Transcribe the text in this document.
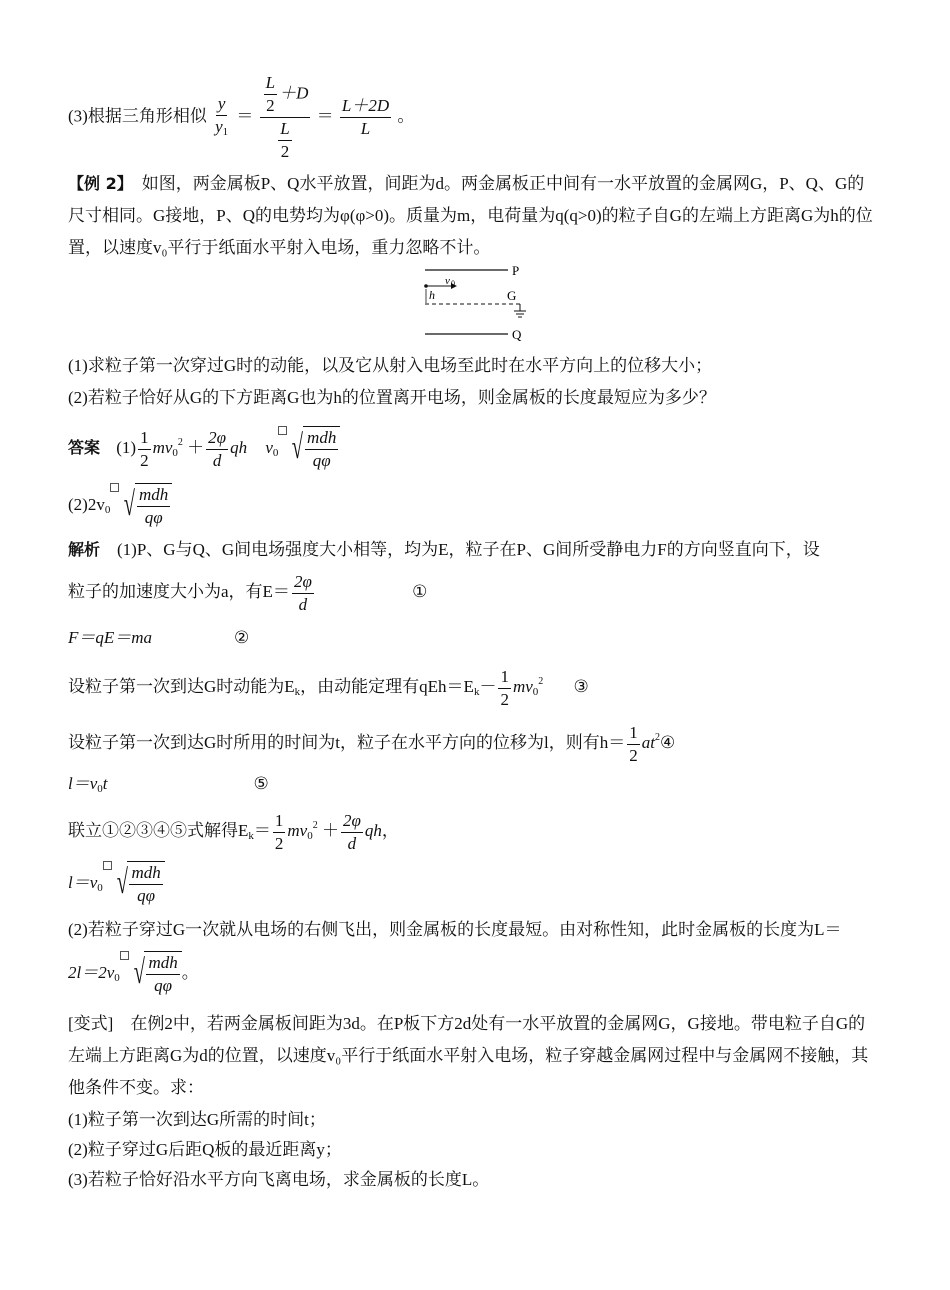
(3)根据三角形相似 $\frac{y}{y_1} = \frac{\frac{L}{2} +D}{\frac{L}{2}} = \frac{L+2D}{L}$ 。
【例 2】　如图，两金属板P、Q水平放置，间距为d。两金属板正中间有一水平放置的金属网G，P、Q、G的尺寸相同。G接地，P、Q的电势均为φ(φ>0)。质量为m，电荷量为q(q>0)的粒子自G的左端上方距离G为h的位置，以速度v₀平行于纸面水平射入电场，重力忽略不计。
P
G
Q
v 0
h
(1)求粒子第一次穿过G时的动能，以及它从射入电场至此时在水平方向上的位移大小；
(2)若粒子恰好从G的下方距离G也为h的位置离开电场，则金属板的长度最短应为多少？
答案 $(1) \frac{1}{2} mv_0^2 + \frac{2\varphi}{d}$ qh $v_0$ √ $\frac{\text{mdh}}{q\varphi}$
$(2)2v_0$ √ $\frac{\text{mdh}}{q\varphi}$
解析　(1)P、G与Q、G间电场强度大小相等，均为E，粒子在P、G间所受静电力F的方向竖直向下，设
粒子的加速度大小为a，有$E= \frac{2\varphi}{d}$	①
F＝qE＝ma	②
设粒子第一次到达G时动能为$E_k$，由动能定理有$qEh=E_k- \frac{1}{2} mv_0^2$ ③
设粒子第一次到达G时所用的时间为t，粒子在水平方向的位移为l，则有$h= \frac{1}{2}$ $at^2④$
$l=v_0t$	⑤
联立①②③④⑤式解得$E_k= \frac{1}{2} mv_0^2 + \frac{2\varphi}{d}$ qh，
$l=v_0$ √ $\frac{\text{mdh}}{q\varphi}$
(2)若粒子穿过G一次就从电场的右侧飞出，则金属板的长度最短。由对称性知，此时金属板的长度为L＝
$2l=2v_0$ √ $\frac{\text{mdh}}{q\varphi}$ 。
[变式]　在例2中，若两金属板间距为3d。在P板下方2d处有一水平放置的金属网G，G接地。带电粒子自G的左端上方距离G为d的位置，以速度v₀平行于纸面水平射入电场，粒子穿越金属网过程中与金属网不接触，其他条件不变。求：
(1)粒子第一次到达G所需的时间t；
(2)粒子穿过G后距Q板的最近距离y；
(3)若粒子恰好沿水平方向飞离电场，求金属板的长度L。
